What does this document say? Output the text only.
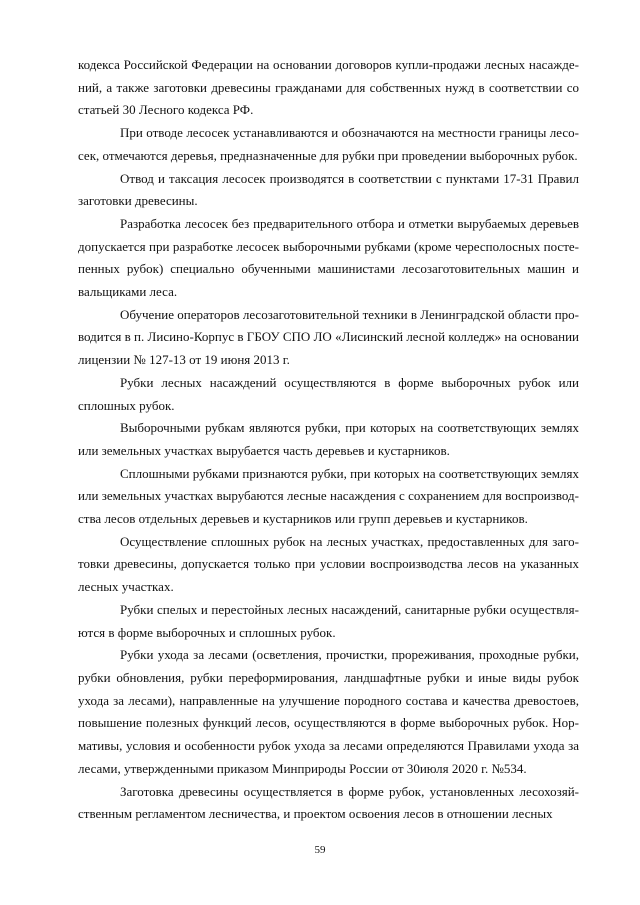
кодекса Российской Федерации на основании договоров купли-продажи лесных насаждений, а также заготовки древесины гражданами для собственных нужд в соответствии со статьей 30 Лесного кодекса РФ.

При отводе лесосек устанавливаются и обозначаются на местности границы лесосек, отмечаются деревья, предназначенные для рубки при проведении выборочных рубок.

Отвод и таксация лесосек производятся в соответствии с пунктами 17-31 Правил заготовки древесины.

Разработка лесосек без предварительного отбора и отметки вырубаемых деревьев допускается при разработке лесосек выборочными рубками (кроме чересполосных постепенных рубок) специально обученными машинистами лесозаготовительных машин и вальщиками леса.

Обучение операторов лесозаготовительной техники в Ленинградской области проводится в п. Лисино-Корпус в ГБОУ СПО ЛО «Лисинский лесной колледж» на основании лицензии № 127-13 от 19 июня 2013 г.

Рубки лесных насаждений осуществляются в форме выборочных рубок или сплошных рубок.

Выборочными рубкам являются рубки, при которых на соответствующих землях или земельных участках вырубается часть деревьев и кустарников.

Сплошными рубками признаются рубки, при которых на соответствующих землях или земельных участках вырубаются лесные насаждения с сохранением для воспроизводства лесов отдельных деревьев и кустарников или групп деревьев и кустарников.

Осуществление сплошных рубок на лесных участках, предоставленных для заготовки древесины, допускается только при условии воспроизводства лесов на указанных лесных участках.

Рубки спелых и перестойных лесных насаждений, санитарные рубки осуществляются в форме выборочных и сплошных рубок.

Рубки ухода за лесами (осветления, прочистки, прореживания, проходные рубки, рубки обновления, рубки переформирования, ландшафтные рубки и иные виды рубок ухода за лесами), направленные на улучшение породного состава и качества древостоев, повышение полезных функций лесов, осуществляются в форме выборочных рубок. Нормативы, условия и особенности рубок ухода за лесами определяются Правилами ухода за лесами, утвержденными приказом Минприроды России от 30июля 2020 г. №534.

Заготовка древесины осуществляется в форме рубок, установленных лесохозяйственным регламентом лесничества, и проектом освоения лесов в отношении лесных

59
